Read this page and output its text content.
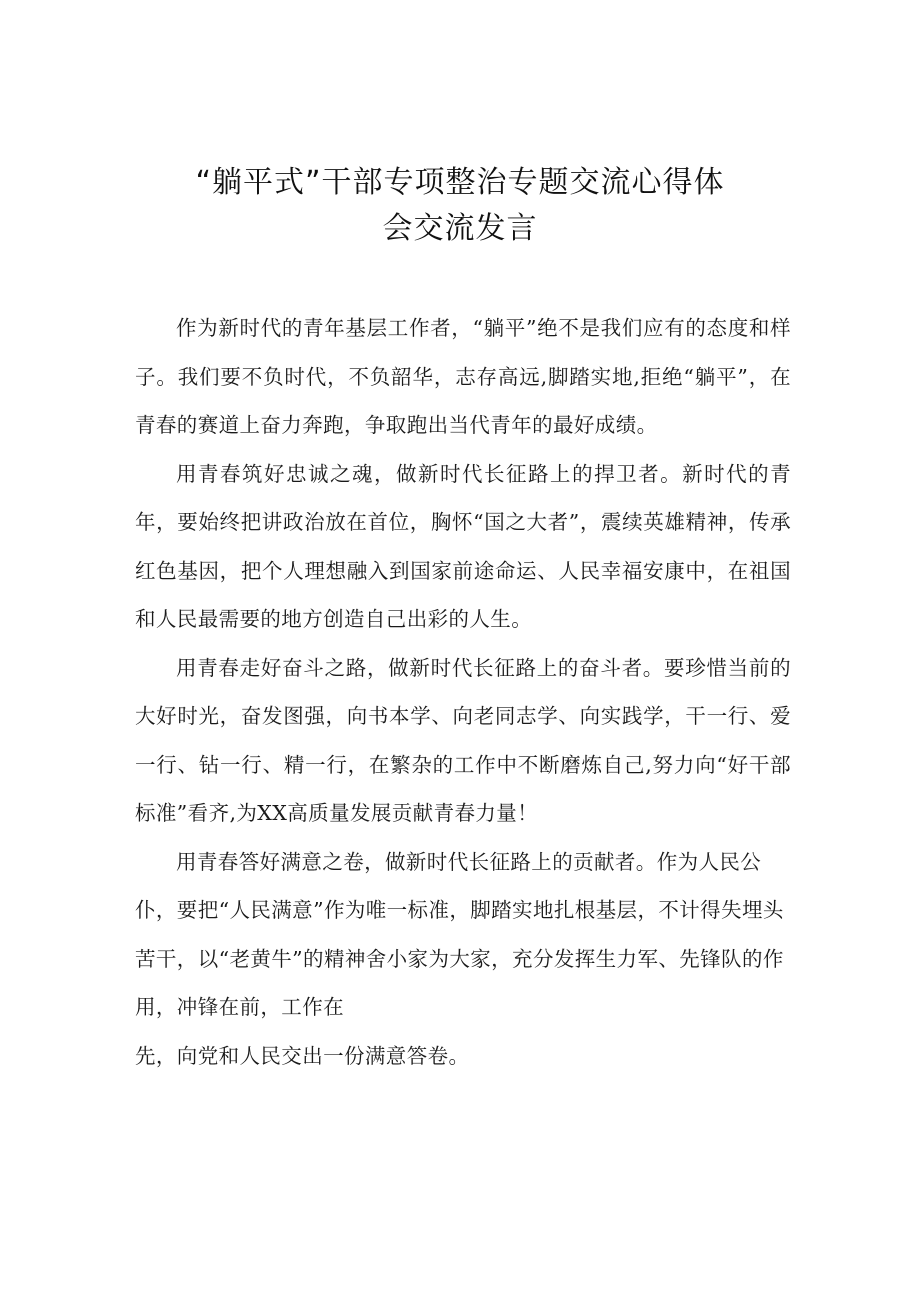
“躺平式”干部专项整治专题交流心得体
会交流发言

作为新时代的青年基层工作者，“躺平”绝不是我们应有的态度和样子。我们要不负时代，不负韶华，志存高远,脚踏实地,拒绝“躺平”，在青春的赛道上奋力奔跑，争取跑出当代青年的最好成绩。

用青春筑好忠诚之魂，做新时代长征路上的捍卫者。新时代的青年，要始终把讲政治放在首位，胸怀“国之大者”，震续英雄精神，传承红色基因，把个人理想融入到国家前途命运、人民幸福安康中，在祖国和人民最需要的地方创造自己出彩的人生。

用青春走好奋斗之路，做新时代长征路上的奋斗者。要珍惜当前的大好时光，奋发图强，向书本学、向老同志学、向实践学，干一行、爱一行、钻一行、精一行，在繁杂的工作中不断磨炼自己,努力向“好干部标准”看齐,为XX高质量发展贡献青春力量！

用青春答好满意之卷，做新时代长征路上的贡献者。作为人民公仆，要把“人民满意”作为唯一标准，脚踏实地扎根基层，不计得失埋头苦干，以“老黄牛”的精神舍小家为大家，充分发挥生力军、先锋队的作用，冲锋在前，工作在

先，向党和人民交出一份满意答卷。
